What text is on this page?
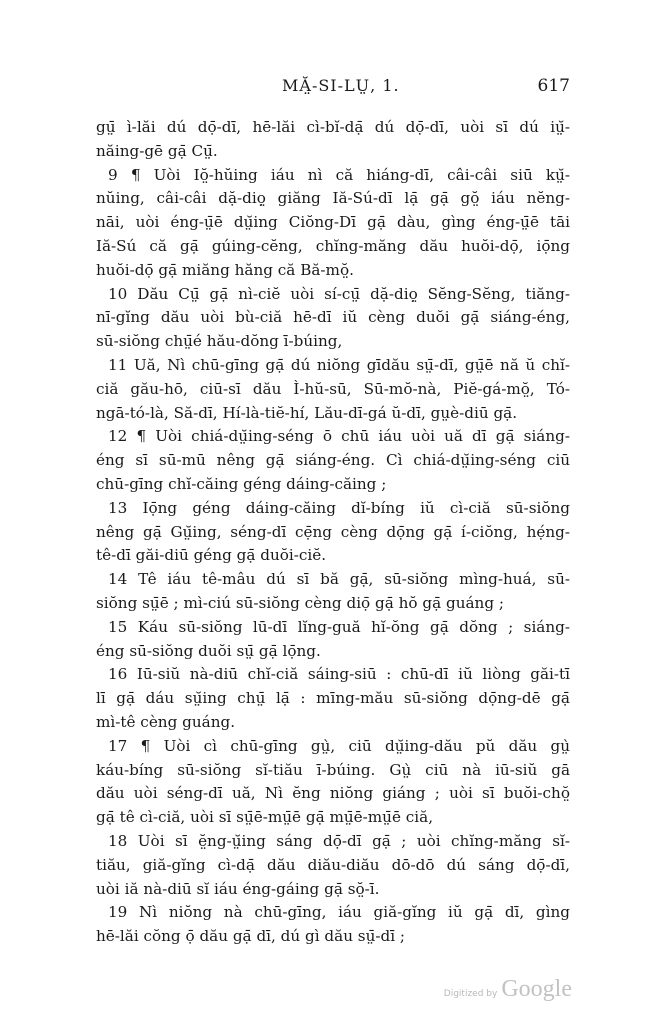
MĂ̤-SI-LṲ, 1.	617
gṳ̄ ì-lăi dú dọ̄-dī, hē-lăi cì-bĭ-dạ̄ dú dọ̄-dī, uòi sī dú iṳ̆-
năing-gē gạ̄ Cṳ̄.
9 ¶ Uòi Iŏ̤-hŭing iáu nì că hiáng-dī, câi-câi siū kṳ̆-
nŭing, câi-câi dặ-diọ̤ giăng Iă-Sú-dī lạ̄ gạ̄ gŏ̤ iáu nĕng-
nāi, uòi éng-ṳ̄ē dṳ̆ing Ciŏng-Dī gạ̄ dàu, gìng éng-ṳ̄ē tāi
Iă-Sú că gạ̄ gúing-cĕng, chĭng-măng dău huŏi-dọ̄, iọ̄ng
huŏi-dọ̄ gạ̄ miăng hăng că Bă-mŏ̤.
10 Dău Cṳ̄ gạ̄ nì-ciĕ uòi sí-cṳ̄ dặ-diọ̤ Sĕng-Sĕng, tiăng-
nī-gĭng dău uòi bù-ciă hē-dī iŭ cèng duŏi gạ̄ siáng-éng,
sū-siŏng chṳ̄é hău-dŏng ī-búing,
11 Uă, Nì chū-gīng gạ̄ dú niŏng gīdău sṳ̄-dī, gṳ̄ē nă ŭ chĭ-
ciă gău-hō, ciū-sī dău Ì-hŭ-sū, Sū-mŏ-nà, Piĕ-gá-mŏ̤, Tó-
ngā-tó-là, Să-dī, Hí-là-tiĕ-hí, Lău-dī-gá ŭ-dī, gṳè-diū gạ̄.
12 ¶ Uòi chiá-dṳ̆ing-séng ō chū iáu uòi uă dī gạ̄ siáng-
éng sī sū-mū nêng gạ̄ siáng-éng. Cì chiá-dṳ̆ing-séng ciū
chū-gīng chĭ-căing géng dáing-căing ;
13 Iọ̄ng géng dáing-căing dĭ-bíng iŭ cì-ciă sū-siŏng
nêng gạ̄ Gṳ̆ing, séng-dī cẹ̄ng cèng dọ̄ng gạ̄ í-ciŏng, hẹ́ng-
tê-dī găi-diū géng gạ̄ duŏi-ciĕ.
14 Tê iáu tê-mâu dú sī bă gạ̄, sū-siŏng mìng-huá, sū-
siŏng sṳ̄ē ; mì-ciú sū-siŏng cèng diọ̄ gạ̄ hŏ gạ̄ guáng ;
15 Káu sū-siŏng lū-dī lĭng-guă hĭ-ŏng gạ̄ dŏng ; siáng-
éng sū-siŏng duŏi sṳ̄ gạ̄ lọ̄ng.
16 Iū-siŭ nà-diū chĭ-ciă sáing-siū : chū-dī iŭ liòng găi-tī
lī gạ̄ dáu sṳ̆ing chṳ̄ lạ̄ : mīng-mău sū-siŏng dọ̄ng-dē gạ̄
mì-tê cèng guáng.
17 ¶ Uòi cì chū-gīng gṳ̀, ciū dṳ̆ing-dău pŭ dău gṳ̀
káu-bíng sū-siŏng sĭ-tiău ī-búing. Gṳ̀ ciū nà iū-siŭ gā
dău uòi séng-dī uă, Nì ĕng niŏng giáng ; uòi sī buŏi-chŏ̤
gạ̄ tê cì-ciă, uòi sī sṳ̄ē-mṳ̄ē gạ̄ mṳ̄ē-mṳ̄ē ciă,
18 Uòi sī ĕ̤ng-ṳ̆ing sáng dọ̄-dī gạ̄ ; uòi chĭng-măng sĭ-
tiău, giă-gĭng cì-dạ̄ dău diău-diău dō-dō dú sáng dọ̄-dī,
uòi iă nà-diū sĭ iáu éng-gáing gạ̄ sŏ̤-ī.
19 Nì niŏng nà chū-gīng, iáu giă-gĭng iŭ gạ̄ dī, gìng
hē-lăi cŏng ọ̄ dău gạ̄ dī, dú gì dău sṳ̄-dī ;
Digitized by Google
